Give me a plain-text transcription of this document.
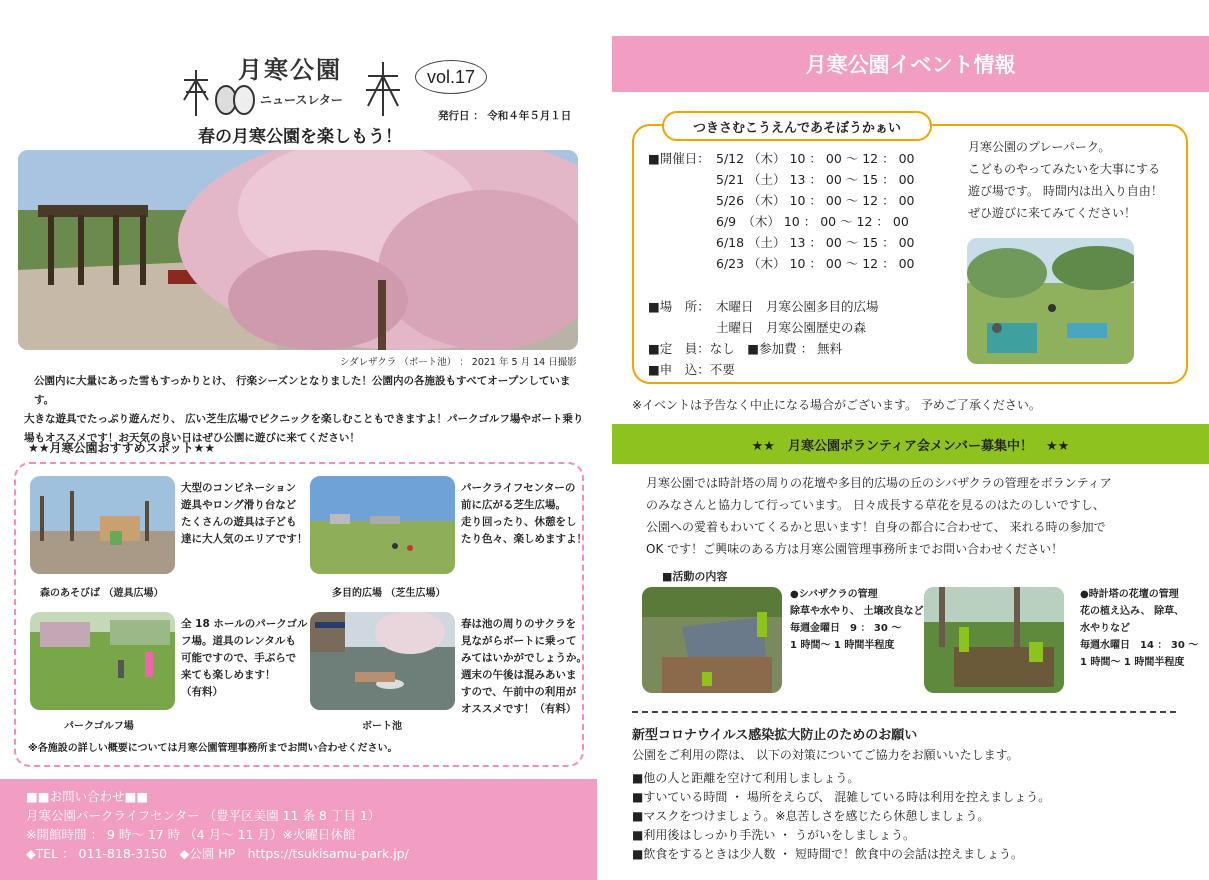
月寒公園
ニュースレター
vol.17
発行日 ： 令和４年５月１日
春の月寒公園を楽しもう！
シダレザクラ （ボート池） ： 2021 年 5 月 14 日撮影
公園内に大量にあった雪もすっかりとけ、 行楽シーズンとなりました！公園内の各施設もすべてオープンしています。
大きな遊具でたっぷり遊んだり、 広い芝生広場でピクニックを楽しむこともできますよ！パークゴルフ場やボート乗り
場もオススメです！お天気の良い日はぜひ公園に遊びに来てください！
★★月寒公園おすすめスポット★★
大型のコンビネーション
遊具やロング滑り台など
たくさんの遊具は子ども
達に大人気のエリアです！
森のあそびば （遊具広場）
パークライフセンターの
前に広がる芝生広場。
走り回ったり、休憩をし
たり色々、楽しめますよ！
多目的広場 （芝生広場）
全 18 ホールのパークゴル
フ場。道具のレンタルも
可能ですので、手ぶらで
来ても楽しめます！
（有料）
パークゴルフ場
春は池の周りのサクラを
見ながらボートに乗って
みてはいかがでしょうか。
週末の午後は混みあいま
すので、午前中の利用が
オススメです！（有料）
ボート池
※各施設の詳しい概要については月寒公園管理事務所までお問い合わせください。
■■お問い合わせ■■
月寒公園パークライフセンター （豊平区美園 11 条 8 丁目 1）
※開館時間 ： 9 時～ 17 時 （4 月～ 11 月）※火曜日休館
◆TEL ： 011-818-3150　◆公園 HP　https://tsukisamu-park.jp/
月寒公園イベント情報
つきさむこうえんであそぼうかぁい
■開催日： 5/12 （木） 10 ： 00 ～ 12 ： 00
5/21 （土） 13 ： 00 ～ 15 ： 00
5/26 （木） 10 ： 00 ～ 12 ： 00
6/9　（木） 10 ： 00 ～ 12 ： 00
6/18 （土） 13 ： 00 ～ 15 ： 00
6/23 （木） 10 ： 00 ～ 12 ： 00
■場　所： 木曜日　月寒公園多目的広場
土曜日　月寒公園歴史の森
■定　員：なし　■参加費 ： 無料
■申　込：不要
月寒公園のプレーパーク。
こどものやってみたいを大事にする
遊び場です。 時間内は出入り自由！
ぜひ遊びに来てみてください！
※イベントは予告なく中止になる場合がございます。 予めご了承ください。
★★　月寒公園ボランティア会メンバー募集中！　★★
月寒公園では時計塔の周りの花壇や多目的広場の丘のシバザクラの管理をボランティア
のみなさんと協力して行っています。 日々成長する草花を見るのはたのしいですし、
公園への愛着もわいてくるかと思います！自身の都合に合わせて、 来れる時の参加で
OK です！ご興味のある方は月寒公園管理事務所までお問い合わせください！
■活動の内容
●シバザクラの管理
除草や水やり、 土壌改良など
毎週金曜日　9 ： 30 ～
1 時間～ 1 時間半程度
●時計塔の花壇の管理
花の植え込み、 除草、
水やりなど
毎週水曜日　14 ： 30 ～
1 時間～ 1 時間半程度
新型コロナウイルス感染拡大防止のためのお願い
公園をご利用の際は、 以下の対策についてご協力をお願いいたします。
■他の人と距離を空けて利用しましょう。
■すいている時間 ・ 場所をえらび、 混雑している時は利用を控えましょう。
■マスクをつけましょう。※息苦しさを感じたら休憩しましょう。
■利用後はしっかり手洗い ・ うがいをしましょう。
■飲食をするときは少人数 ・ 短時間で！飲食中の会話は控えましょう。
